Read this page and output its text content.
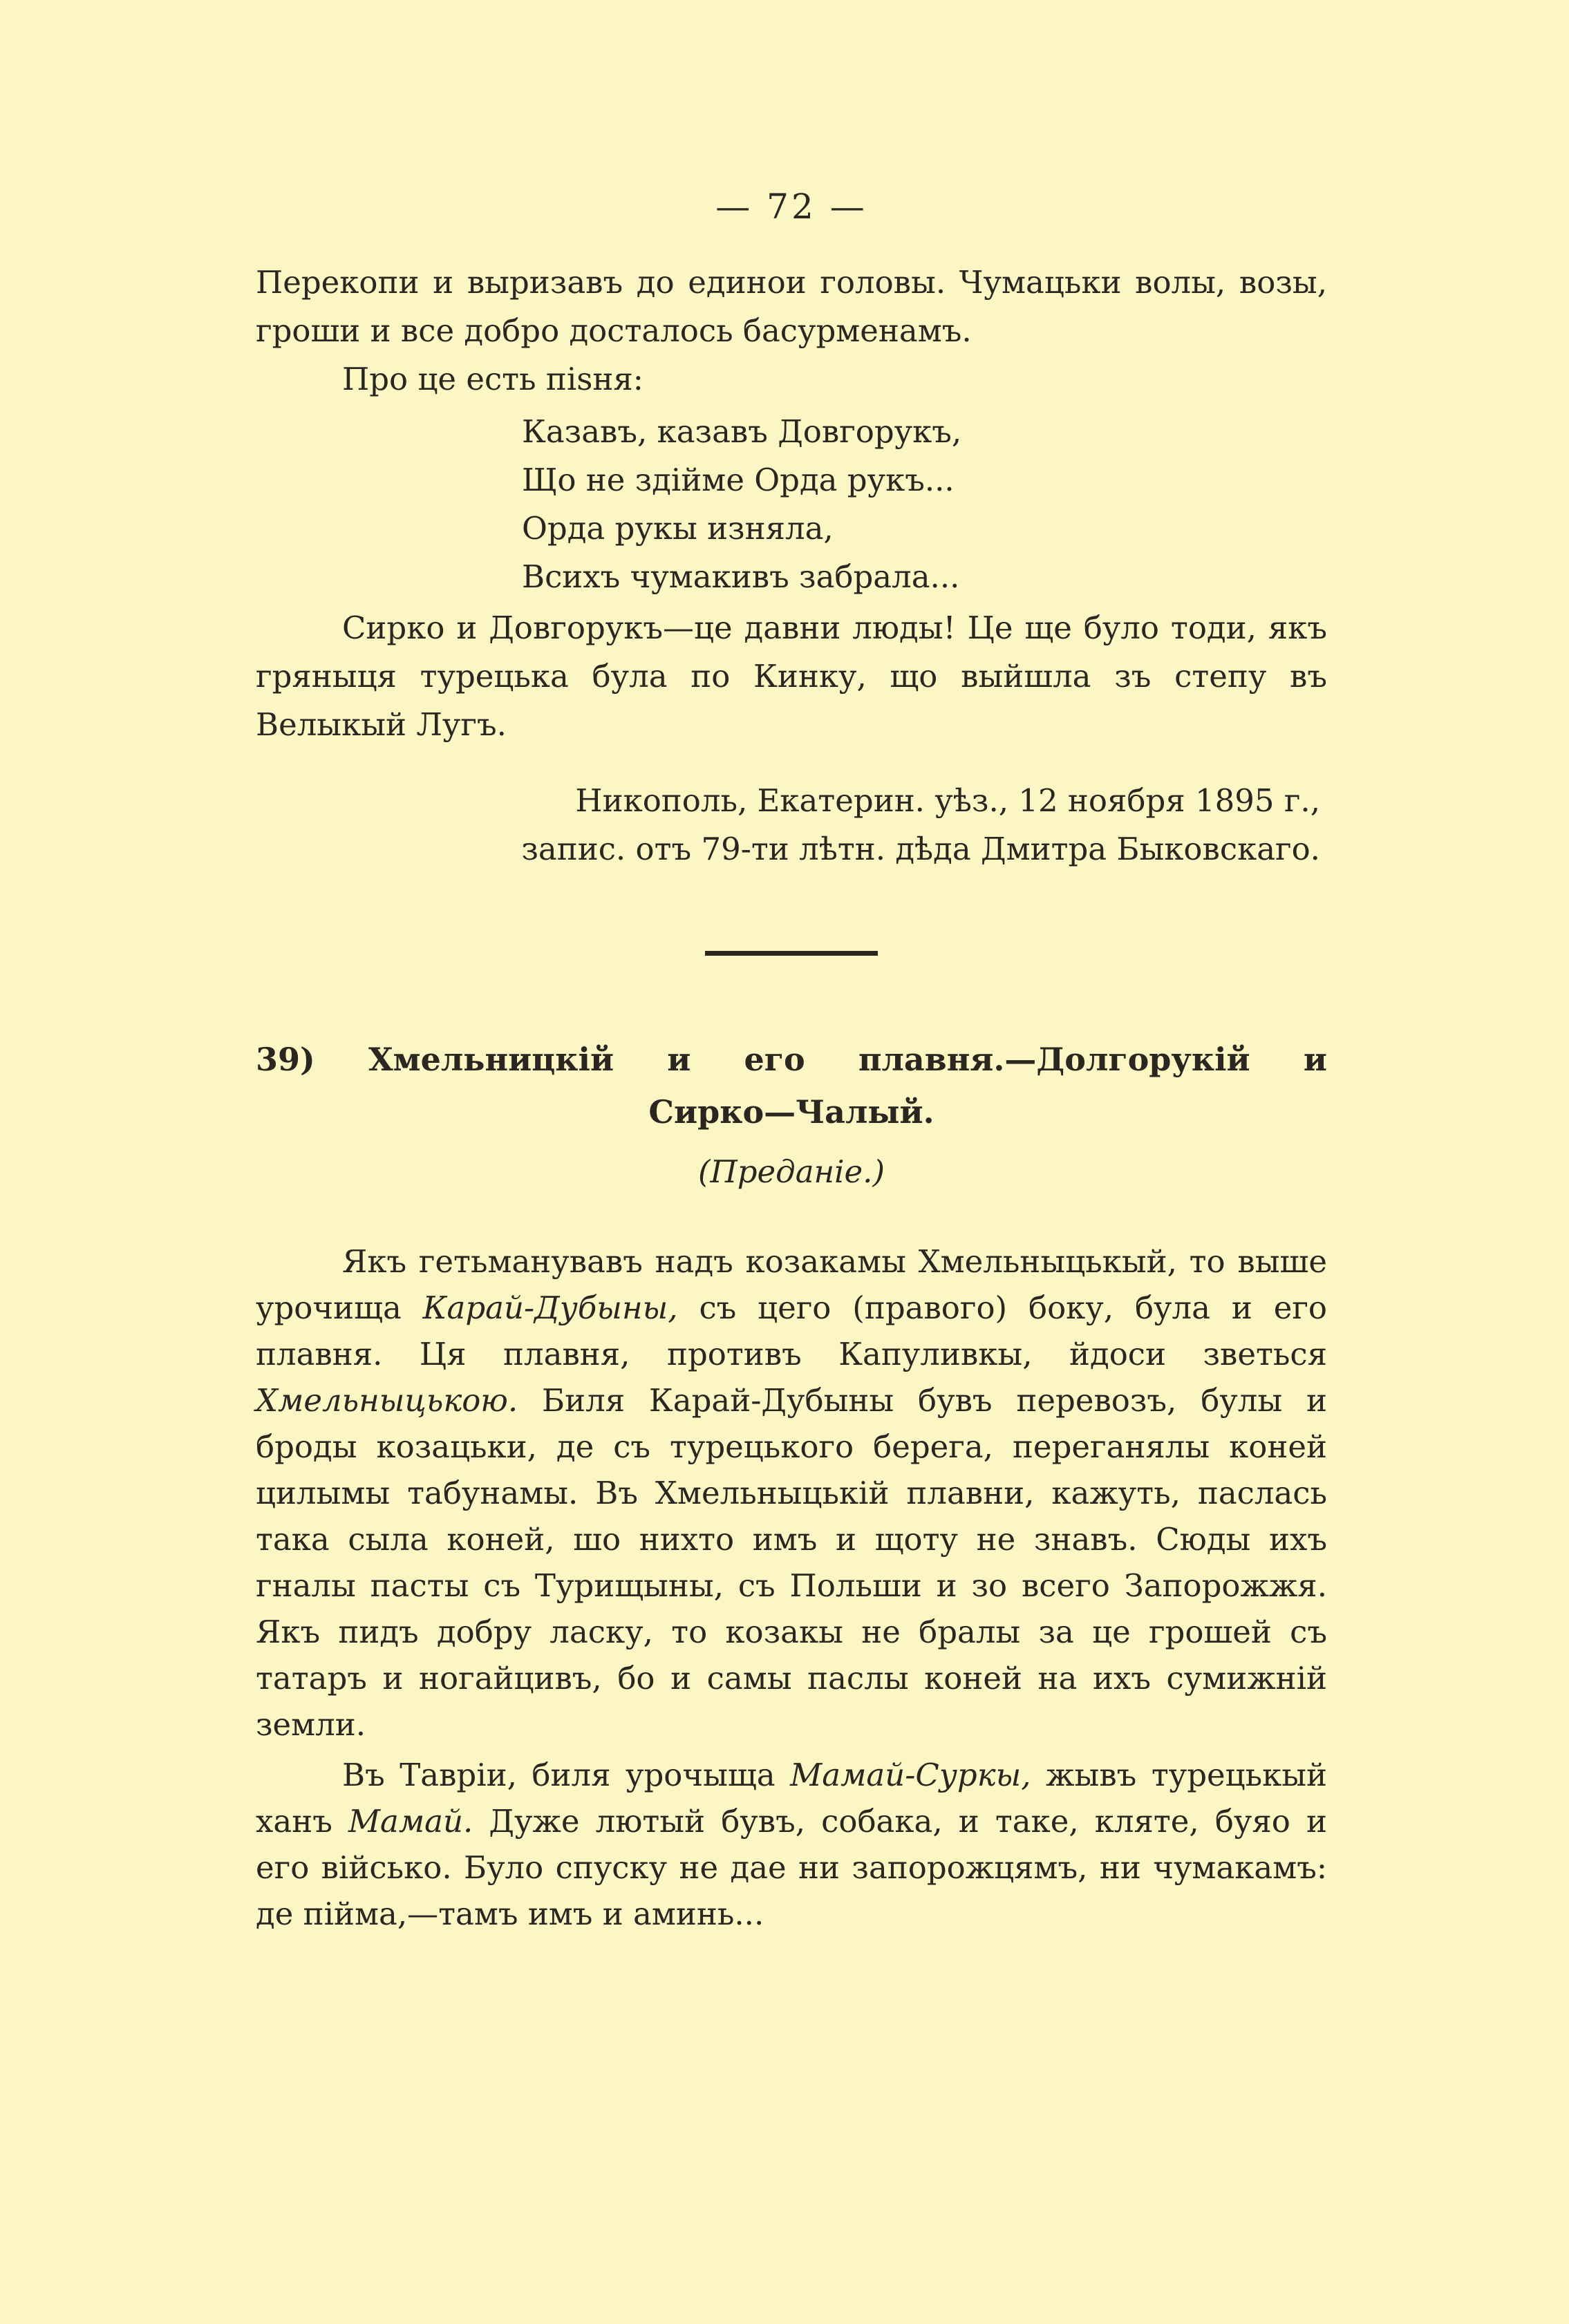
— 72 —

Перекопи и выризавъ до единои головы. Чумацьки волы, возы, гроши и все добро досталось басурменамъ.

Про це есть пisня:

Казавъ, казавъ Довгорукъ,
Що не здiйме Орда рукъ...
Орда рукы изняла,
Всихъ чумакивъ забрала...

Сирко и Довгорукъ—це давни люды! Це ще було тоди, якъ гряныця турецька була по Кинку, що выйшла зъ степу въ Велыкый Лугъ.

Никополь, Екатерин. уѣз., 12 ноября 1895 г.,
запис. отъ 79-ти лѣтн. дѣда Дмитра Быковскаго.
39) Хмельницкiй и его плавня.—Долгорукiй и
Сирко—Чалый.
(Преданiе.)

Якъ гетьманувавъ надъ козакамы Хмельныцькый, то выше урочища Карай-Дубыны, съ цего (правого) боку, була и его плавня. Ця плавня, противъ Капуливкы, йдоси зветься Хмельныцькою. Биля Карай-Дубыны бувъ перевозъ, булы и броды козацьки, де съ турецького берега, переганялы коней цилымы табунамы. Въ Хмельныцькiй плавни, кажуть, паслась така сыла коней, шо нихто имъ и щоту не знавъ. Сюды ихъ гналы пасты съ Турищыны, съ Польши и зо всего Запорожжя. Якъ пидъ добру ласку, то козакы не бралы за це грошей съ татаръ и ногайцивъ, бо и самы паслы коней на ихъ сумижнiй земли.

Въ Таврiи, биля урочыща Мамай-Суркы, жывъ турецькый ханъ Мамай. Дуже лютый бувъ, собака, и таке, кляте, буяо и его вiйсько. Було спуску не дае ни запорожцямъ, ни чумакамъ: де пiйма,—тамъ имъ и аминь...
